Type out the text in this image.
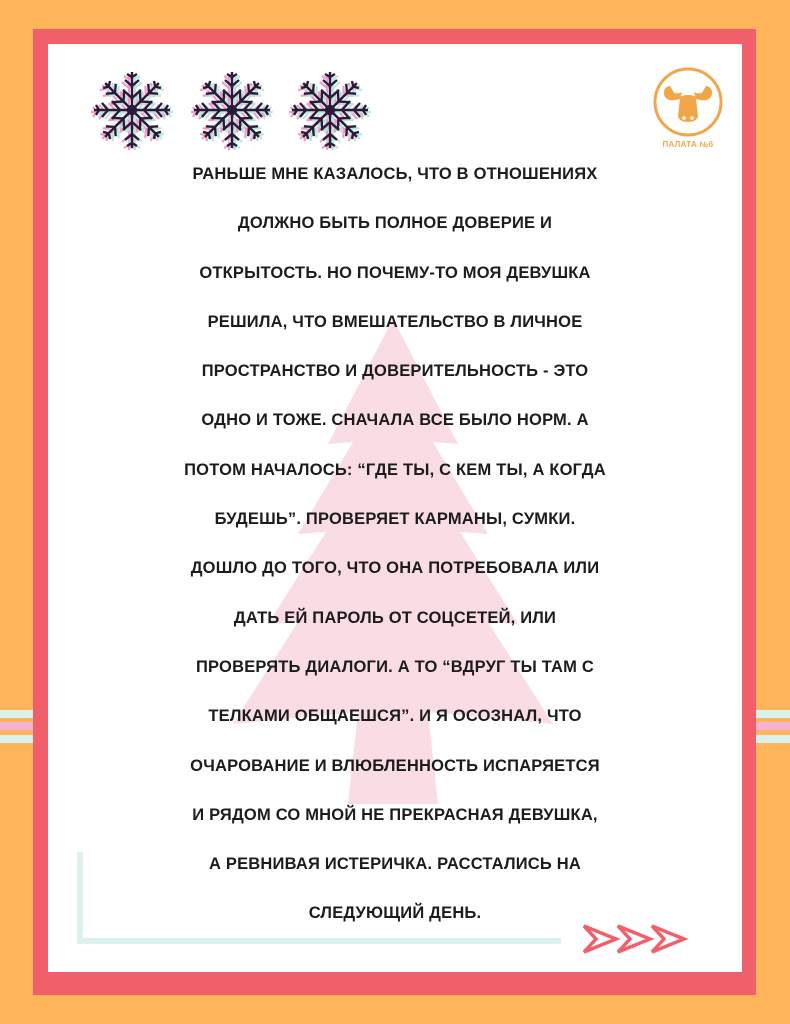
ПАЛАТА №6
РАНЬШЕ МНЕ КАЗАЛОСЬ, ЧТО В ОТНОШЕНИЯХ
ДОЛЖНО БЫТЬ ПОЛНОЕ ДОВЕРИЕ И
ОТКРЫТОСТЬ. НО ПОЧЕМУ-ТО МОЯ ДЕВУШКА
РЕШИЛА, ЧТО ВМЕШАТЕЛЬСТВО В ЛИЧНОЕ
ПРОСТРАНСТВО И ДОВЕРИТЕЛЬНОСТЬ - ЭТО
ОДНО И ТОЖЕ. СНАЧАЛА ВСЕ БЫЛО НОРМ. А
ПОТОМ НАЧАЛОСЬ: “ГДЕ ТЫ, С КЕМ ТЫ, А КОГДА
БУДЕШЬ”. ПРОВЕРЯЕТ КАРМАНЫ, СУМКИ.
ДОШЛО ДО ТОГО, ЧТО ОНА ПОТРЕБОВАЛА ИЛИ
ДАТЬ ЕЙ ПАРОЛЬ ОТ СОЦСЕТЕЙ, ИЛИ
ПРОВЕРЯТЬ ДИАЛОГИ. А ТО “ВДРУГ ТЫ ТАМ С
ТЕЛКАМИ ОБЩАЕШСЯ”. И Я ОСОЗНАЛ, ЧТО
ОЧАРОВАНИЕ И ВЛЮБЛЕННОСТЬ ИСПАРЯЕТСЯ
И РЯДОМ СО МНОЙ НЕ ПРЕКРАСНАЯ ДЕВУШКА,
А РЕВНИВАЯ ИСТЕРИЧКА. РАССТАЛИСЬ НА
СЛЕДУЮЩИЙ ДЕНЬ.
